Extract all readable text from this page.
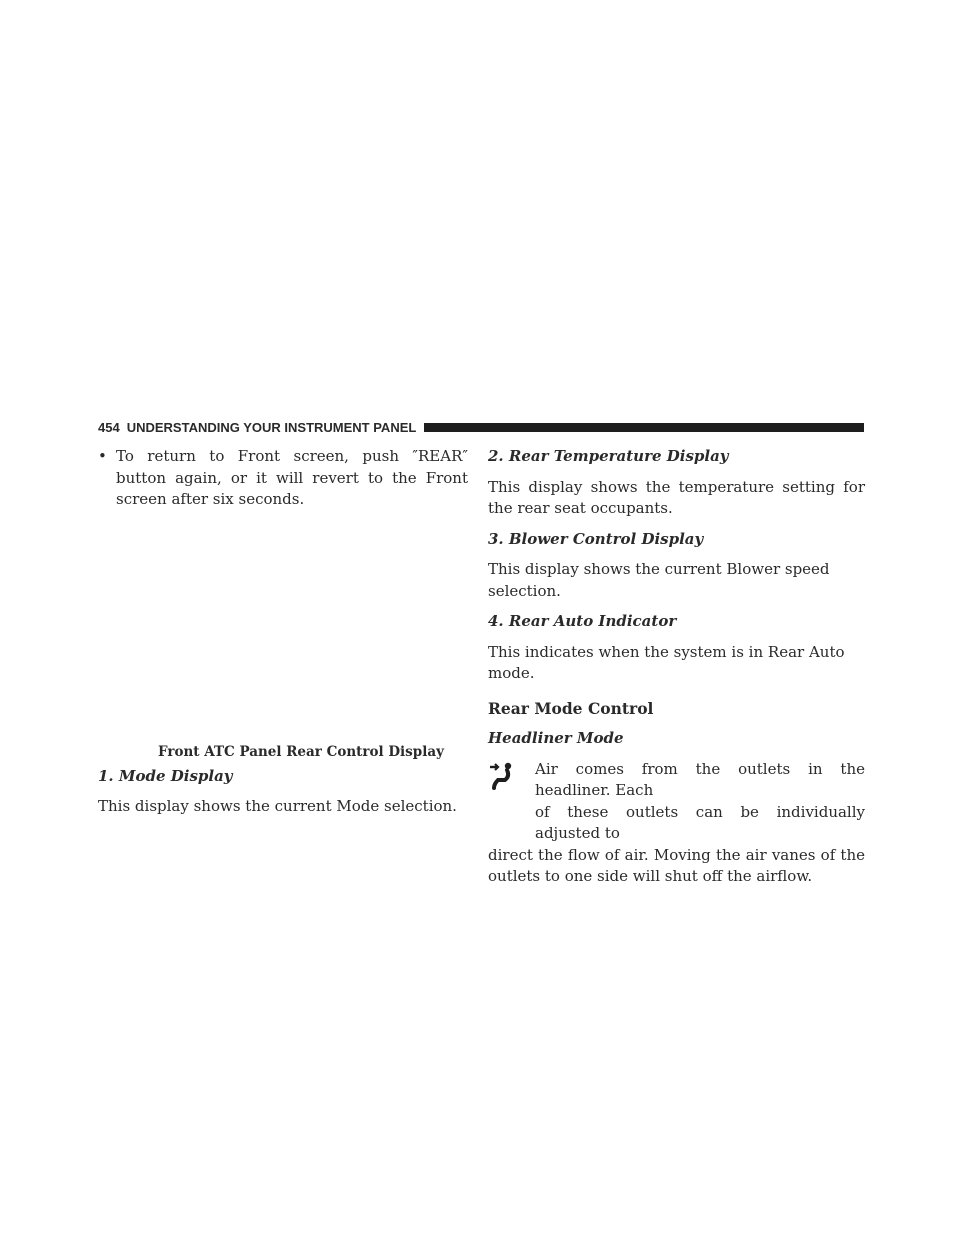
454 UNDERSTANDING YOUR INSTRUMENT PANEL

• To return to Front screen, push ″REAR″ button again, or it will revert to the Front screen after six seconds.

Front ATC Panel Rear Control Display
1. Mode Display

This display shows the current Mode selection.

2. Rear Temperature Display

This display shows the temperature setting for the rear seat occupants.

3. Blower Control Display

This display shows the current Blower speed selection.

4. Rear Auto Indicator

This indicates when the system is in Rear Auto mode.

Rear Mode Control
Headliner Mode

Air comes from the outlets in the headliner. Each

of these outlets can be individually adjusted to

direct the flow of air. Moving the air vanes of the outlets to one side will shut off the airflow.
